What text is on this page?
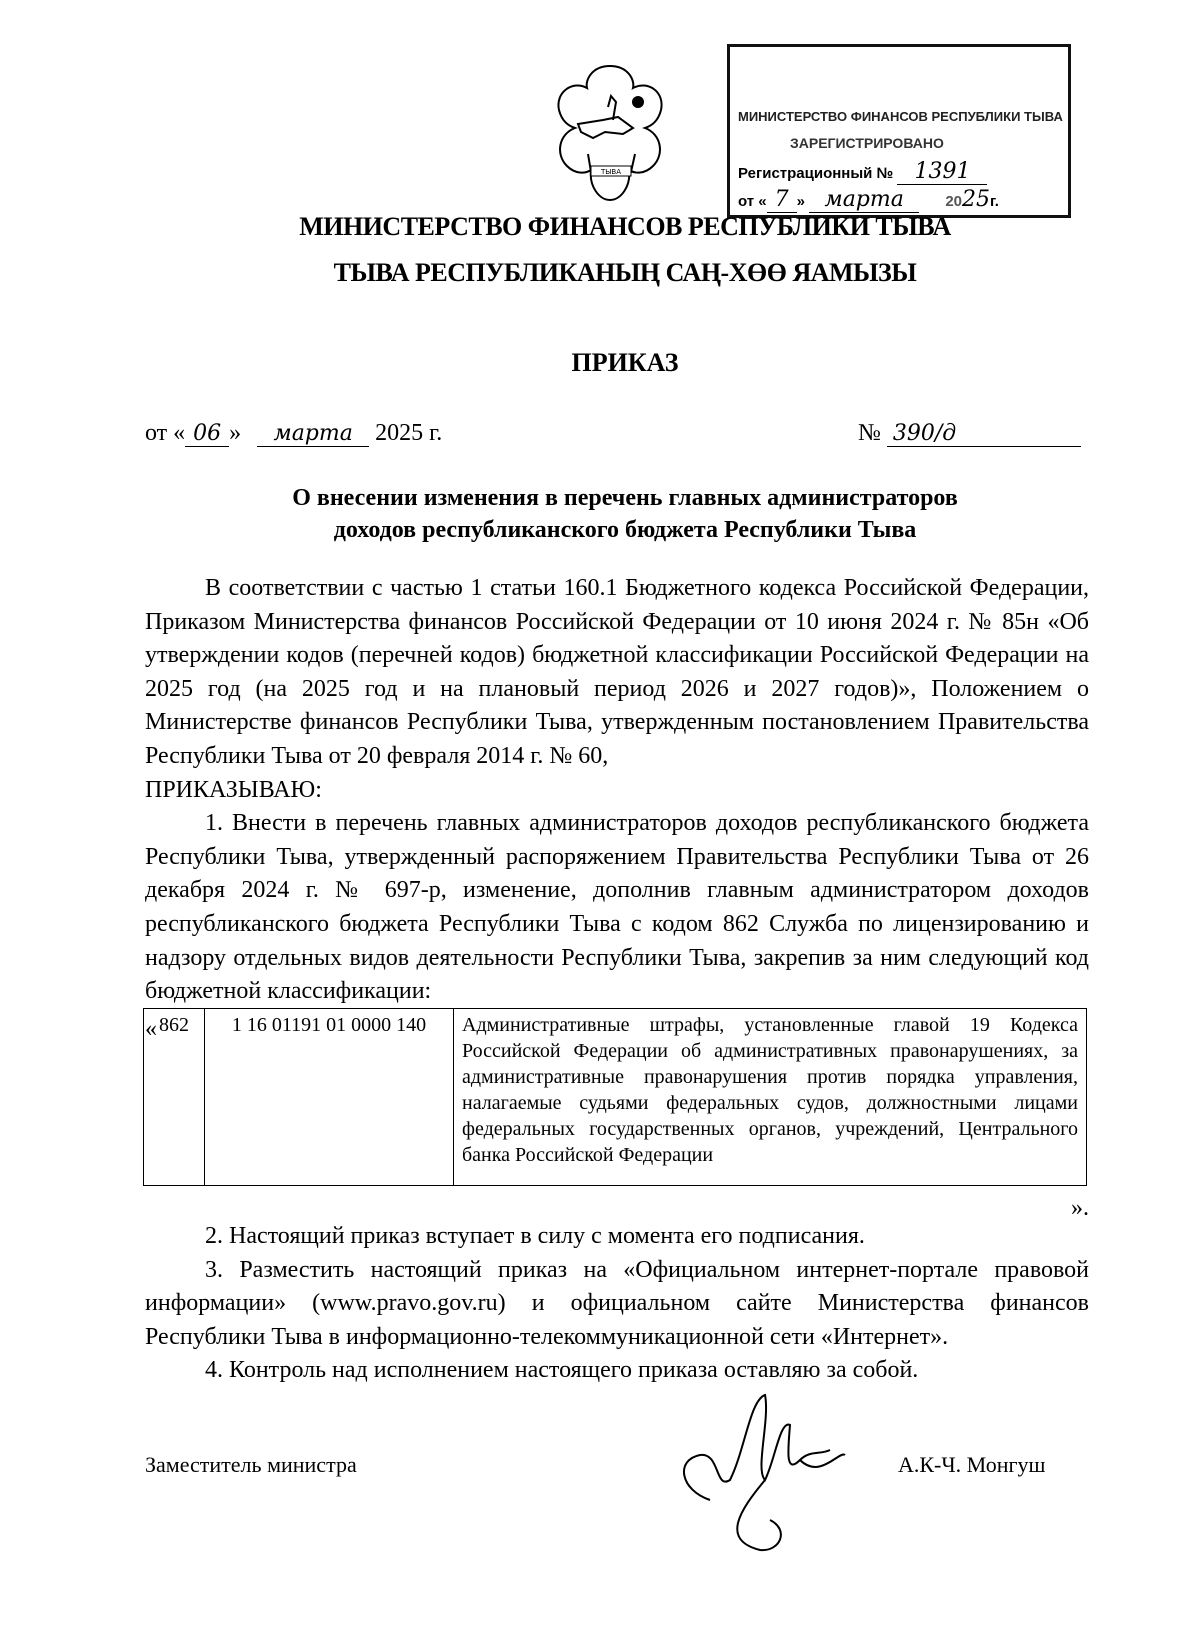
ТЫВА
МИНИСТЕРСТВО ФИНАНСОВ РЕСПУБЛИКИ ТЫВА
ЗАРЕГИСТРИРОВАНО
Регистрационный № 1391
от « 7 » марта	2025г.
МИНИСТЕРСТВО ФИНАНСОВ РЕСПУБЛИКИ ТЫВА
ТЫВА РЕСПУБЛИКАНЫҢ САҢ-ХӨӨ ЯАМЫЗЫ
ПРИКАЗ
от « 06 » марта 2025 г.	№ 390/д
О внесении изменения в перечень главных администраторов
доходов республиканского бюджета Республики Тыва

В соответствии с частью 1 статьи 160.1 Бюджетного кодекса Российской Федерации, Приказом Министерства финансов Российской Федерации от 10 июня 2024 г. № 85н «Об утверждении кодов (перечней кодов) бюджетной классификации Российской Федерации на 2025 год (на 2025 год и на плановый период 2026 и 2027 годов)», Положением о Министерстве финансов Республики Тыва, утвержденным постановлением Правительства Республики Тыва от 20 февраля 2014 г. № 60,

ПРИКАЗЫВАЮ:

1. Внести в перечень главных администраторов доходов республиканского бюджета Республики Тыва, утвержденный распоряжением Правительства Республики Тыва от 26 декабря 2024 г. № 697-р, изменение, дополнив главным администратором доходов республиканского бюджета Республики Тыва с кодом 862 Служба по лицензированию и надзору отдельных видов деятельности Республики Тыва, закрепив за ним следующий код бюджетной классификации:

« 862	1 16 01191 01 0000 140	Административные штрафы, установленные главой 19 Кодекса Российской Федерации об административных правонарушениях, за административные правонарушения против порядка управления, налагаемые судьями федеральных судов, должностными лицами федеральных государственных органов, учреждений, Центрального банка Российской Федерации
».

2. Настоящий приказ вступает в силу с момента его подписания.

3. Разместить настоящий приказ на «Официальном интернет-портале правовой информации» (www.pravo.gov.ru) и официальном сайте Министерства финансов Республики Тыва в информационно-телекоммуникационной сети «Интернет».

4. Контроль над исполнением настоящего приказа оставляю за собой.

Заместитель министра	А.К-Ч. Монгуш
